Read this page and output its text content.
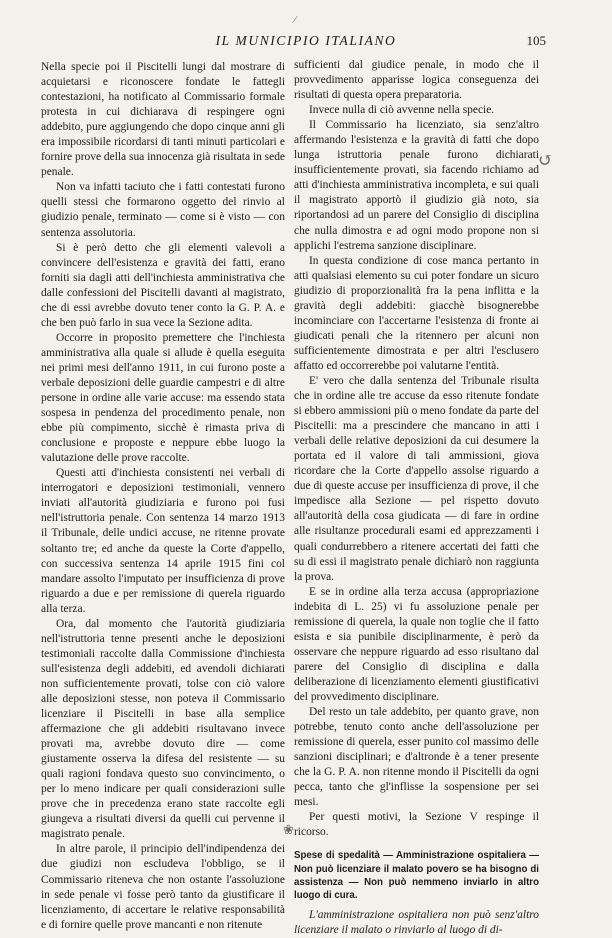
IL MUNICIPIO ITALIANO	105

Nella specie poi il Piscitelli lungi dal mostrare di acquietarsi e riconoscere fondate le fattegli contestazioni, ha notificato al Commissario formale protesta in cui dichiarava di respingere ogni addebito, pure aggiungendo che dopo cinque anni gli era impossibile ricordarsi di tanti minuti particolari e fornire prove della sua innocenza già risultata in sede penale.

Non va infatti taciuto che i fatti contestati furono quelli stessi che formarono oggetto del rinvio al giudizio penale, terminato — come si è visto — con sentenza assolutoria.

Si è però detto che gli elementi valevoli a convincere dell'esistenza e gravità dei fatti, erano forniti sia dagli atti dell'inchiesta amministrativa che dalle confessioni del Piscitelli davanti al magistrato, che di essi avrebbe dovuto tener conto la G. P. A. e che ben può farlo in sua vece la Sezione adita.

Occorre in proposito premettere che l'inchiesta amministrativa alla quale si allude è quella eseguita nei primi mesi dell'anno 1911, in cui furono poste a verbale deposizioni delle guardie campestri e di altre persone in ordine alle varie accuse: ma essendo stata sospesa in pendenza del procedimento penale, non ebbe più compimento, sicchè è rimasta priva di conclusione e proposte e neppure ebbe luogo la valutazione delle prove raccolte.

Questi atti d'inchiesta consistenti nei verbali di interrogatori e deposizioni testimoniali, vennero inviati all'autorità giudiziaria e furono poi fusi nell'istruttoria penale. Con sentenza 14 marzo 1913 il Tribunale, delle undici accuse, ne ritenne provate soltanto tre; ed anche da queste la Corte d'appello, con successiva sentenza 14 aprile 1915 fini col mandare assolto l'imputato per insufficienza di prove riguardo a due e per remissione di querela riguardo alla terza.

Ora, dal momento che l'autorità giudiziaria nell'istruttoria tenne presenti anche le deposizioni testimoniali raccolte dalla Commissione d'inchiesta sull'esistenza degli addebiti, ed avendoli dichiarati non sufficientemente provati, tolse con ciò valore alle deposizioni stesse, non poteva il Commissario licenziare il Piscitelli in base alla semplice affermazione che gli addebiti risultavano invece provati ma, avrebbe dovuto dire — come giustamente osserva la difesa del resistente — su quali ragioni fondava questo suo convincimento, o per lo meno indicare per quali considerazioni sulle prove che in precedenza erano state raccolte egli giungeva a risultati diversi da quelli cui pervenne il magistrato penale.

In altre parole, il principio dell'indipendenza dei due giudizi non escludeva l'obbligo, se il Commissario riteneva che non ostante l'assoluzione in sede penale vi fosse però tanto da giustificare il licenziamento, di accertare le relative responsabilità e di fornire quelle prove mancanti e non ritenute

sufficienti dal giudice penale, in modo che il provvedimento apparisse logica conseguenza dei risultati di questa opera preparatoria.

Invece nulla di ciò avvenne nella specie.

Il Commissario ha licenziato, sia senz'altro affermando l'esistenza e la gravità di fatti che dopo lunga istruttoria penale furono dichiarati insufficientemente provati, sia facendo richiamo ad atti d'inchiesta amministrativa incompleta, e sui quali il magistrato apportò il giudizio già noto, sia riportandosi ad un parere del Consiglio di disciplina che nulla dimostra e ad ogni modo propone non si applichi l'estrema sanzione disciplinare.

In questa condizione di cose manca pertanto in atti qualsiasi elemento su cui poter fondare un sicuro giudizio di proporzionalità fra la pena inflitta e la gravità degli addebiti: giacchè bisognerebbe incominciare con l'accertarne l'esistenza di fronte ai giudicati penali che la ritennero per alcuni non sufficientemente dimostrata e per altri l'escluserо affatto ed occorrerebbe poi valutarne l'entità.

E' vero che dalla sentenza del Tribunale risulta che in ordine alle tre accuse da esso ritenute fondate si ebbero ammissioni più o meno fondate da parte del Piscitelli: ma a prescindere che mancano in atti i verbali delle relative deposizioni da cui desumere la portata ed il valore di tali ammissioni, giova ricordare che la Corte d'appello assolse riguardo a due di queste accuse per insufficienza di prove, il che impedisce alla Sezione — pel rispetto dovuto all'autorità della cosa giudicata — di fare in ordine alle risultanze procedurali esami ed apprezzamenti i quali condurrebbero a ritenere accertati dei fatti che su di essi il magistrato penale dichiarò non raggiunta la prova.

E se in ordine alla terza accusa (appropriazione indebita di L. 25) vi fu assoluzione penale per remissione di querela, la quale non toglie che il fatto esista e sia punibile disciplinarmente, è però da osservare che neppure riguardo ad esso risultano dal parere del Consiglio di disciplina e dalla deliberazione di licenziamento elementi giustificativi del provvedimento disciplinare.

Del resto un tale addebito, per quanto grave, non potrebbe, tenuto conto anche dell'assoluzione per remissione di querela, esser punito col massimo delle sanzioni disciplinari; e d'altronde è a tener presente che la G. P. A. non ritenne mondo il Piscitelli da ogni pecca, tanto che gl'inflisse la sospensione per sei mesi.

Per questi motivi, la Sezione V respinge il ricorso.

Spese di spedalità — Amministrazione ospitaliera — Non può licenziare il malato povero se ha bisogno di assistenza — Non può nemmeno inviarlo in altro luogo di cura.

L'amministrazione ospitaliera non può senz'altro licenziare il malato o rinviarlo al luogo di di-

↺
❀
⁄
